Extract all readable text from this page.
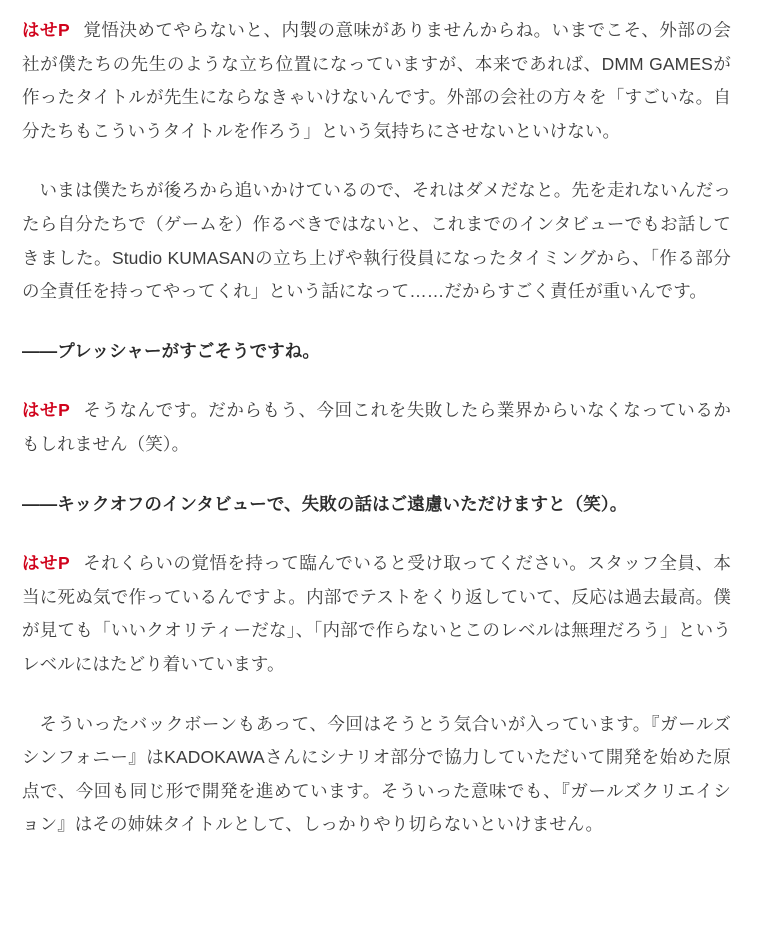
はせP 覚悟決めてやらないと、内製の意味がありませんからね。いまでこそ、外部の会社が僕たちの先生のような立ち位置になっていますが、本来であれば、DMM GAMESが作ったタイトルが先生にならなきゃいけないんです。外部の会社の方々を「すごいな。自分たちもこういうタイトルを作ろう」という気持ちにさせないといけない。

いまは僕たちが後ろから追いかけているので、それはダメだなと。先を走れないんだったら自分たちで（ゲームを）作るべきではないと、これまでのインタビューでもお話してきました。Studio KUMASANの立ち上げや執行役員になったタイミングから、「作る部分の全責任を持ってやってくれ」という話になって……だからすごく責任が重いんです。

——プレッシャーがすごそうですね。

はせP そうなんです。だからもう、今回これを失敗したら業界からいなくなっているかもしれません（笑）。

——キックオフのインタビューで、失敗の話はご遠慮いただけますと（笑）。

はせP それくらいの覚悟を持って臨んでいると受け取ってください。スタッフ全員、本当に死ぬ気で作っているんですよ。内部でテストをくり返していて、反応は過去最高。僕が見ても「いいクオリティーだな」、「内部で作らないとこのレベルは無理だろう」というレベルにはたどり着いています。

そういったバックボーンもあって、今回はそうとう気合いが入っています。『ガールズシンフォニー』はKADOKAWAさんにシナリオ部分で協力していただいて開発を始めた原点で、今回も同じ形で開発を進めています。そういった意味でも、『ガールズクリエイション』はその姉妹タイトルとして、しっかりやり切らないといけません。
